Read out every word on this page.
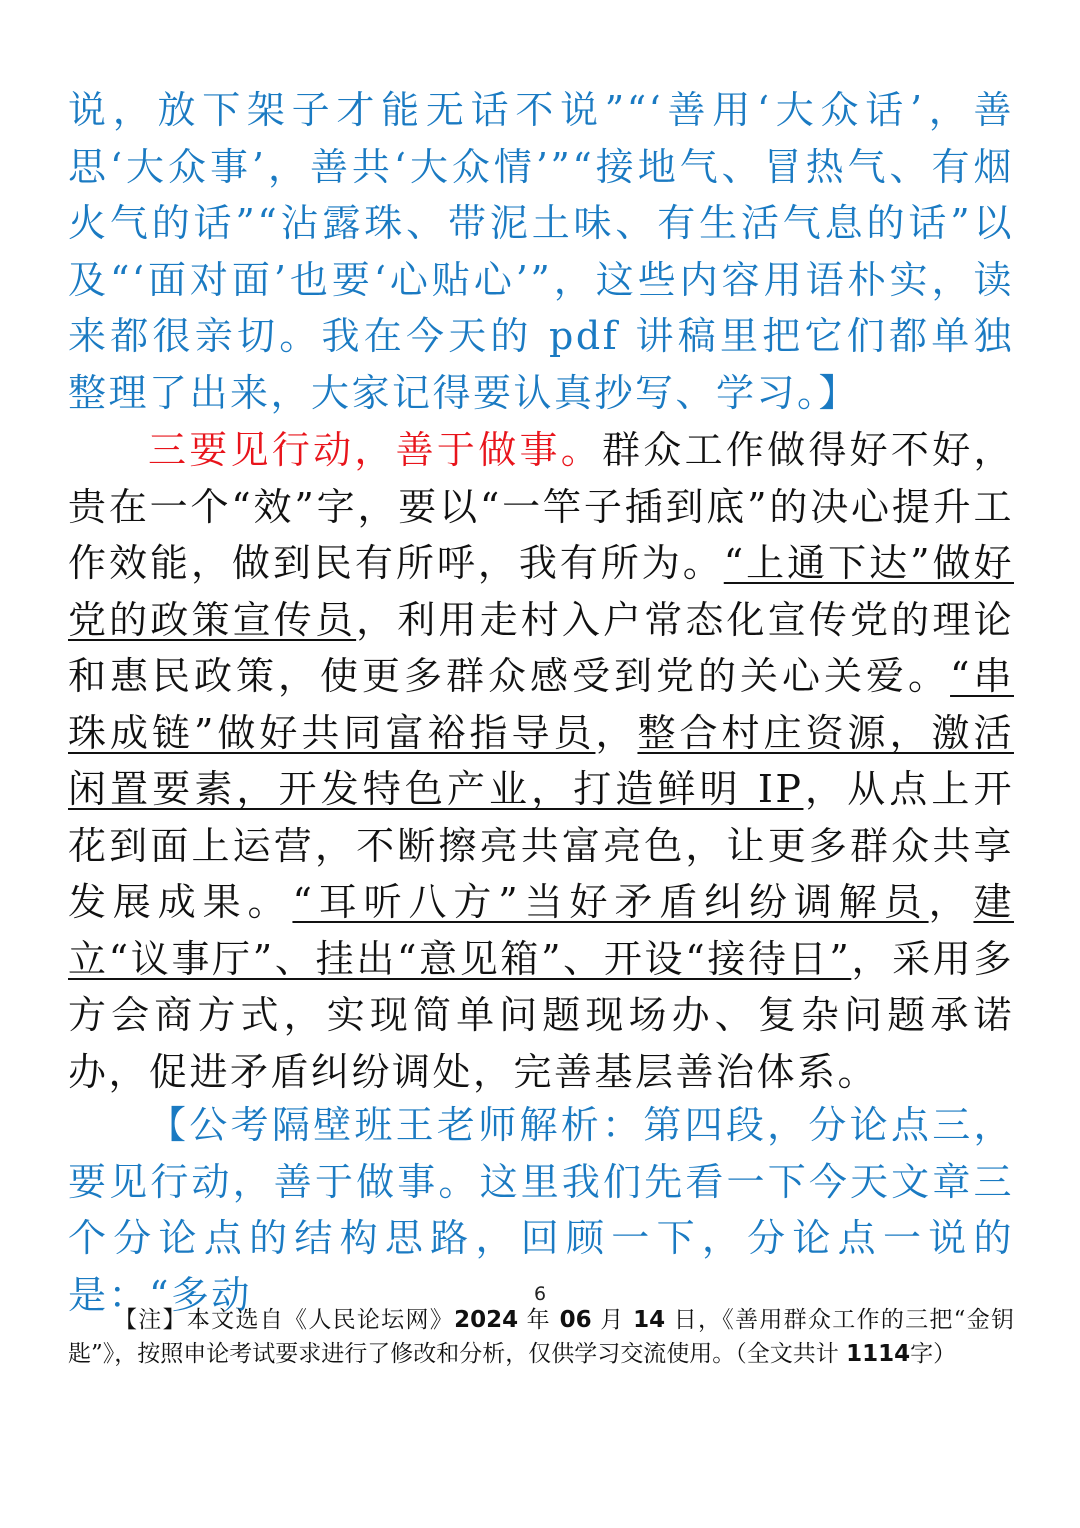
说，放下架子才能无话不说”“‘善用‘大众话’，善思‘大众事’，善共‘大众情’”“接地气、冒热气、有烟火气的话”“沾露珠、带泥土味、有生活气息的话”以及“‘面对面’也要‘心贴心’”，这些内容用语朴实，读来都很亲切。我在今天的 pdf 讲稿里把它们都单独整理了出来，大家记得要认真抄写、学习。】

三要见行动，善于做事。群众工作做得好不好，贵在一个“效”字，要以“一竿子插到底”的决心提升工作效能，做到民有所呼，我有所为。“上通下达”做好党的政策宣传员，利用走村入户常态化宣传党的理论和惠民政策，使更多群众感受到党的关心关爱。“串珠成链”做好共同富裕指导员，整合村庄资源，激活闲置要素，开发特色产业，打造鲜明 IP，从点上开花到面上运营，不断擦亮共富亮色，让更多群众共享发展成果。“耳听八方”当好矛盾纠纷调解员，建立“议事厅”、挂出“意见箱”、开设“接待日”，采用多方会商方式，实现简单问题现场办、复杂问题承诺办，促进矛盾纠纷调处，完善基层善治体系。

【公考隔壁班王老师解析：第四段，分论点三，要见行动，善于做事。这里我们先看一下今天文章三个分论点的结构思路，回顾一下，分论点一说的是：“多动	6

【注】本文选自《人民论坛网》2024 年 06 月 14 日，《善用群众工作的三把“金钥匙”》，按照申论考试要求进行了修改和分析，仅供学习交流使用。（全文共计 1114字）
